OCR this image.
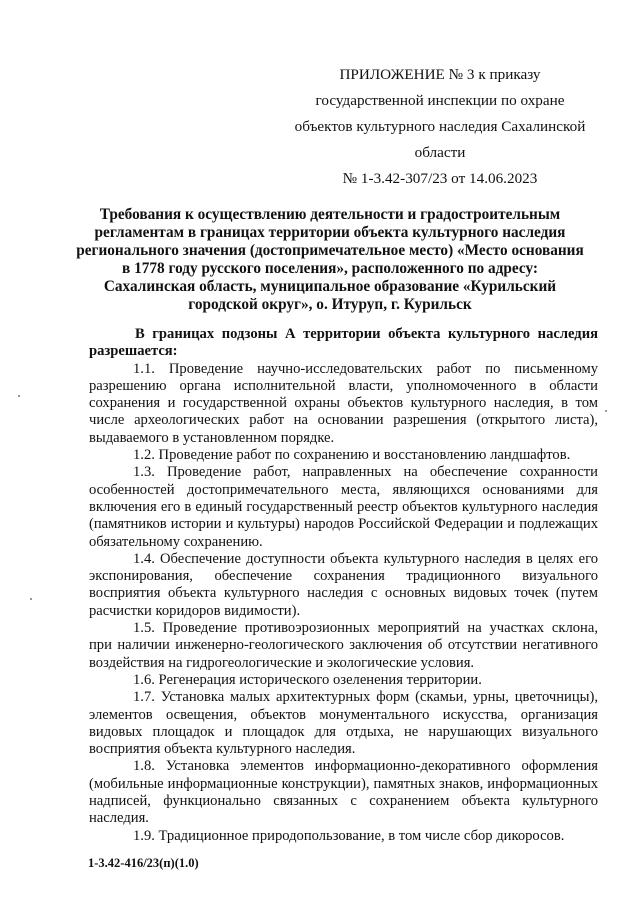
ПРИЛОЖЕНИЕ № 3 к приказу
государственной инспекции по охране
объектов культурного наследия Сахалинской
области
№ 1-3.42-307/23 от 14.06.2023
Требования к осуществлению деятельности и градостроительным
регламентам в границах территории объекта культурного наследия
регионального значения (достопримечательное место) «Место основания
в 1778 году русского поселения», расположенного по адресу:
Сахалинская область, муниципальное образование «Курильский
городской округ», о. Итуруп, г. Курильск

В границах подзоны А территории объекта культурного наследия разрешается:

1.1. Проведение научно-исследовательских работ по письменному разрешению органа исполнительной власти, уполномоченного в области сохранения и государственной охраны объектов культурного наследия, в том числе археологических работ на основании разрешения (открытого листа), выдаваемого в установленном порядке.

1.2. Проведение работ по сохранению и восстановлению ландшафтов.

1.3. Проведение работ, направленных на обеспечение сохранности особенностей достопримечательного места, являющихся основаниями для включения его в единый государственный реестр объектов культурного наследия (памятников истории и культуры) народов Российской Федерации и подлежащих обязательному сохранению.

1.4. Обеспечение доступности объекта культурного наследия в целях его экспонирования, обеспечение сохранения традиционного визуального восприятия объекта культурного наследия с основных видовых точек (путем расчистки коридоров видимости).

1.5. Проведение противоэрозионных мероприятий на участках склона, при наличии инженерно-геологического заключения об отсутствии негативного воздействия на гидрогеологические и экологические условия.

1.6. Регенерация исторического озеленения территории.

1.7. Установка малых архитектурных форм (скамьи, урны, цветочницы), элементов освещения, объектов монументального искусства, организация видовых площадок и площадок для отдыха, не нарушающих визуального восприятия объекта культурного наследия.

1.8. Установка элементов информационно-декоративного оформления (мобильные информационные конструкции), памятных знаков, информационных надписей, функционально связанных с сохранением объекта культурного наследия.

1.9. Традиционное природопользование, в том числе сбор дикоросов.

1-3.42-416/23(п)(1.0)
